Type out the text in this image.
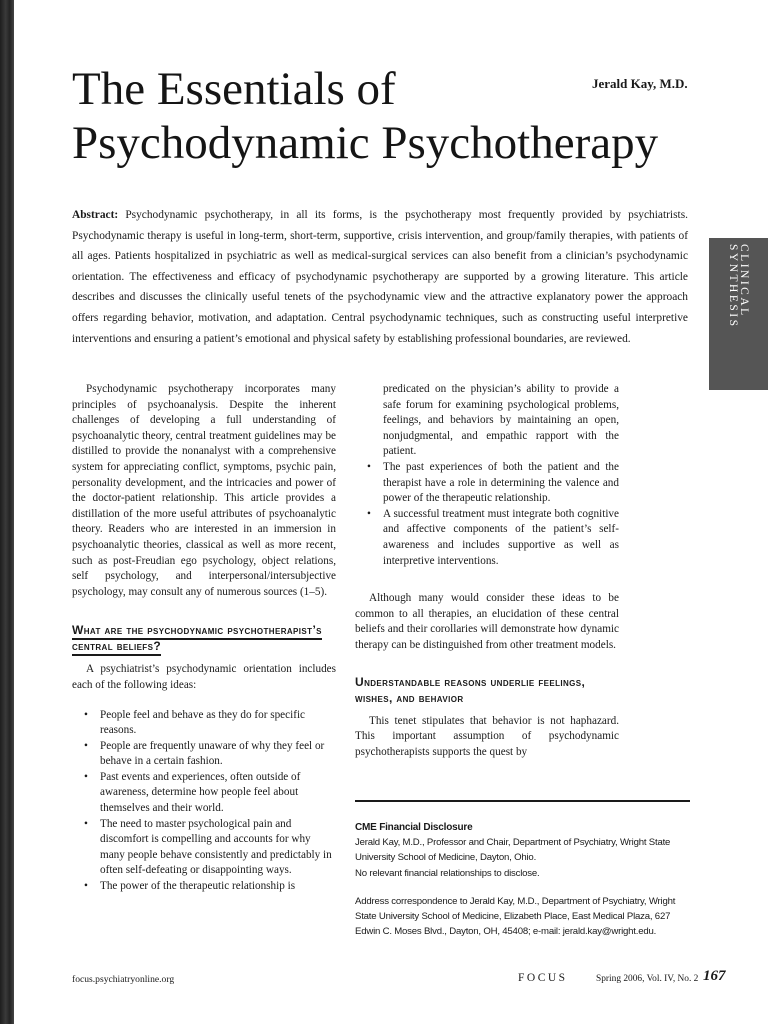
CLINICAL
SYNTHESIS
The Essentials of
Psychodynamic Psychotherapy
Jerald Kay, M.D.

Abstract: Psychodynamic psychotherapy, in all its forms, is the psychotherapy most frequently provided by psychiatrists. Psychodynamic therapy is useful in long-term, short-term, supportive, crisis intervention, and group/family therapies, with patients of all ages. Patients hospitalized in psychiatric as well as medical-surgical services can also benefit from a clinician’s psychodynamic orientation. The effectiveness and efficacy of psychodynamic psychotherapy are supported by a growing literature. This article describes and discusses the clinically useful tenets of the psychodynamic view and the attractive explanatory power the approach offers regarding behavior, motivation, and adaptation. Central psychodynamic techniques, such as constructing useful interpretive interventions and ensuring a patient’s emotional and physical safety by establishing professional boundaries, are reviewed.

Psychodynamic psychotherapy incorporates many principles of psychoanalysis. Despite the inherent challenges of developing a full understanding of psychoanalytic theory, central treatment guidelines may be distilled to provide the nonanalyst with a comprehensive system for appreciating conflict, symptoms, psychic pain, personality development, and the intricacies and power of the doctor-patient relationship. This article provides a distillation of the more useful attributes of psychoanalytic theory. Readers who are interested in an immersion in psychoanalytic theories, classical as well as more recent, such as post-Freudian ego psychology, object relations, self psychology, and interpersonal/intersubjective psychology, may consult any of numerous sources (1–5).

What are the psychodynamic psychotherapist’s central beliefs?

A psychiatrist’s psychodynamic orientation includes each of the following ideas:

• People feel and behave as they do for specific reasons.
• People are frequently unaware of why they feel or behave in a certain fashion.
• Past events and experiences, often outside of awareness, determine how people feel about themselves and their world.
• The need to master psychological pain and discomfort is compelling and accounts for why many people behave consistently and predictably in often self-defeating or disappointing ways.
• The power of the therapeutic relationship is
predicated on the physician’s ability to provide a safe forum for examining psychological problems, feelings, and behaviors by maintaining an open, nonjudgmental, and empathic rapport with the patient.
• The past experiences of both the patient and the therapist have a role in determining the valence and power of the therapeutic relationship.
• A successful treatment must integrate both cognitive and affective components of the patient’s self-awareness and includes supportive as well as interpretive interventions.

Although many would consider these ideas to be common to all therapies, an elucidation of these central beliefs and their corollaries will demonstrate how dynamic therapy can be distinguished from other treatment models.

Understandable reasons underlie feelings, wishes, and behavior

This tenet stipulates that behavior is not haphazard. This important assumption of psychodynamic psychotherapists supports the quest by

CME Financial Disclosure
Jerald Kay, M.D., Professor and Chair, Department of Psychiatry, Wright State University School of Medicine, Dayton, Ohio.
No relevant financial relationships to disclose.
Address correspondence to Jerald Kay, M.D., Department of Psychiatry, Wright State University School of Medicine, Elizabeth Place, East Medical Plaza, 627 Edwin C. Moses Blvd., Dayton, OH, 45408; e-mail: jerald.kay@wright.edu.
focus.psychiatryonline.org	FOCUS	Spring 2006, Vol. IV, No. 2 167
